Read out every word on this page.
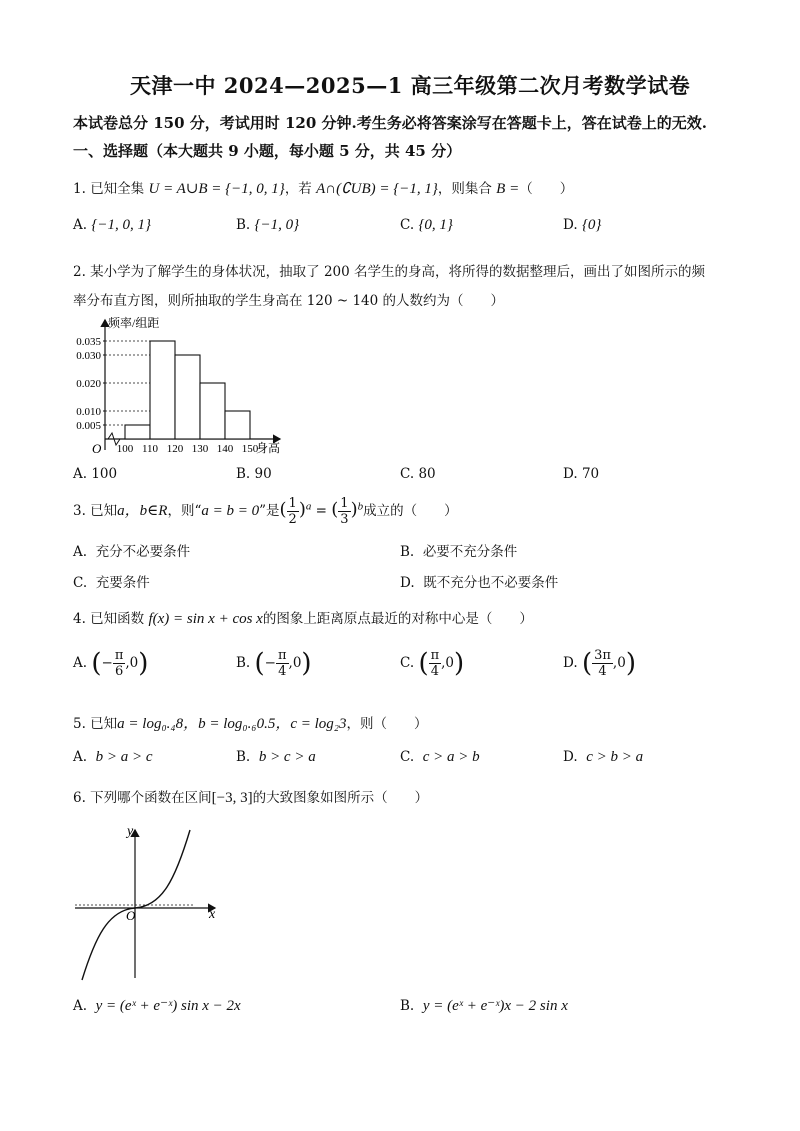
天津一中 2024—2025—1 高三年级第二次月考数学试卷
本试卷总分 150 分，考试用时 120 分钟.考生务必将答案涂写在答题卡上，答在试卷上的无效.
一、选择题（本大题共 9 小题，每小题 5 分，共 45 分）
1. 已知全集 U = A∪B = {−1, 0, 1}，若 A∩(∁UB) = {−1, 1}，则集合 B =（　　）
A. {−1, 0, 1}	B. {−1, 0}	C. {0, 1}	D. {0}
2. 某小学为了解学生的身体状况，抽取了 200 名学生的身高，将所得的数据整理后，画出了如图所示的频
率分布直方图，则所抽取的学生身高在 120 ~ 140 的人数约为（　　）
频率/组距
O	身高
0.035
0.030
0.020
0.010
0.005
100 110 120 130 140 150
A. 100	B. 90	C. 80	D. 70
3. 已知a，b∈R，则“a = b = 0”是( $\frac{1}{2} )^a$ = ( $\frac{1}{3} )^b$成立的（　　）
A. 充分不必要条件	B. 必要不充分条件
C. 充要条件	D. 既不充分也不必要条件
4. 已知函数 f(x) = sin x + cos x的图象上距离原点最近的对称中心是（　　）
A. (− $\frac{\pi}{6} ,0$)	B. (− $\frac{\pi}{4} ,0$)	C. ( $\frac{\pi}{4} ,0$)	D. ( $\frac{3\pi}{4} ,0$)
5. 已知a = log₀.₄8，b = log₀.₆0.5，c = log₂3，则（　　）
A. b > a > c	B. b > c > a	C. c > a > b	D. c > b > a
6. 下列哪个函数在区间[−3, 3]的大致图象如图所示（　　）
y
x
O
A. y = (eˣ + e⁻ˣ) sin x − 2x	B. y = (eˣ + e⁻ˣ)x − 2 sin x
